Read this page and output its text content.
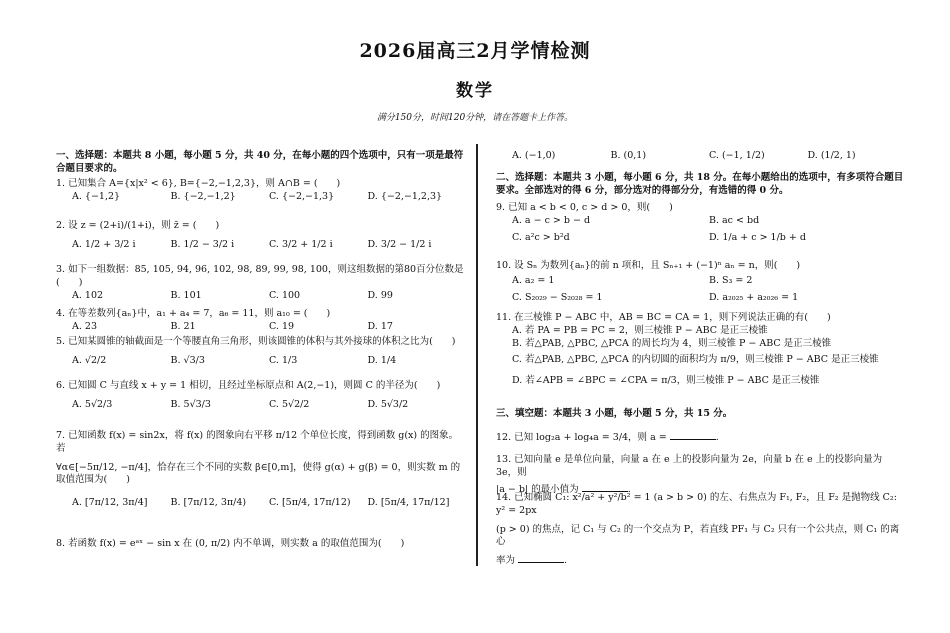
2026届高三2月学情检测
数学
满分150分，时间120分钟，请在答题卡上作答。
一、选择题：本题共 8 小题，每小题 5 分，共 40 分，在每小题的四个选项中，只有一项是最符合题目要求的。
1. 已知集合 A={x|x² < 6}, B={−2,−1,2,3}，则 A∩B = (　　)
A. {−1,2}	B. {−2,−1,2}	C. {−2,−1,3}	D. {−2,−1,2,3}
2. 设 z = (2+i)/(1+i)，则 z̄ = (　　)
A. 1/2 + 3/2 i	B. 1/2 − 3/2 i	C. 3/2 + 1/2 i	D. 3/2 − 1/2 i
3. 如下一组数据：85, 105, 94, 96, 102, 98, 89, 99, 98, 100，则这组数据的第80百分位数是(　　)
A. 102	B. 101	C. 100	D. 99
4. 在等差数列{aₙ}中，a₁ + a₄ = 7，a₆ = 11，则 a₁₀ = (　　)
A. 23	B. 21	C. 19	D. 17
5. 已知某圆锥的轴截面是一个等腰直角三角形，则该圆锥的体积与其外接球的体积之比为(　　)
A. √2/2	B. √3/3	C. 1/3	D. 1/4
6. 已知圆 C 与直线 x + y = 1 相切，且经过坐标原点和 A(2,−1)，则圆 C 的半径为(　　)
A. 5√2/3	B. 5√3/3	C. 5√2/2	D. 5√3/2
7. 已知函数 f(x) = sin2x，将 f(x) 的图象向右平移 π/12 个单位长度，得到函数 g(x) 的图象。若
∀α∈[−5π/12, −π/4]，恰存在三个不同的实数 β∈[0,m]，使得 g(α) + g(β) = 0，则实数 m 的取值范围为(　　)
A. [7π/12, 3π/4]	B. [7π/12, 3π/4)	C. [5π/4, 17π/12)	D. [5π/4, 17π/12]
8. 若函数 f(x) = eᵃˣ − sin x 在 (0, π/2) 内不单调，则实数 a 的取值范围为(　　)
A. (−1,0)	B. (0,1)	C. (−1, 1/2)	D. (1/2, 1)
二、选择题：本题共 3 小题，每小题 6 分，共 18 分。在每小题给出的选项中，有多项符合题目要求。全部选对的得 6 分，部分选对的得部分分，有选错的得 0 分。
9. 已知 a < b < 0, c > d > 0，则(　　)
A. a − c > b − d	B. ac < bd
C. a²c > b²d	D. 1/a + c > 1/b + d
10. 设 Sₙ 为数列{aₙ}的前 n 项和，且 Sₙ₊₁ + (−1)ⁿ aₙ = n，则(　　)
A. a₂ = 1	B. S₃ = 2
C. S₂₀₂₉ − S₂₀₂₈ = 1	D. a₂₀₂₅ + a₂₀₂₆ = 1
11. 在三棱锥 P − ABC 中，AB = BC = CA = 1，则下列说法正确的有(　　)
A. 若 PA = PB = PC = 2，则三棱锥 P − ABC 是正三棱锥
B. 若△PAB, △PBC, △PCA 的周长均为 4，则三棱锥 P − ABC 是正三棱锥
C. 若△PAB, △PBC, △PCA 的内切圆的面积均为 π/9，则三棱锥 P − ABC 是正三棱锥
D. 若∠APB = ∠BPC = ∠CPA = π/3，则三棱锥 P − ABC 是正三棱锥
三、填空题：本题共 3 小题，每小题 5 分，共 15 分。
12. 已知 log₂a + log₄a = 3/4，则 a =	.
13. 已知向量 e 是单位向量，向量 a 在 e 上的投影向量为 2e，向量 b 在 e 上的投影向量为 3e，则
|a − b| 的最小值为	.
14. 已知椭圆 C₁: x²/a² + y²/b² = 1 (a > b > 0) 的左、右焦点为 F₁, F₂，且 F₂ 是抛物线 C₂: y² = 2px
(p > 0) 的焦点，记 C₁ 与 C₂ 的一个交点为 P，若直线 PF₁ 与 C₂ 只有一个公共点，则 C₁ 的离心
率为	.
